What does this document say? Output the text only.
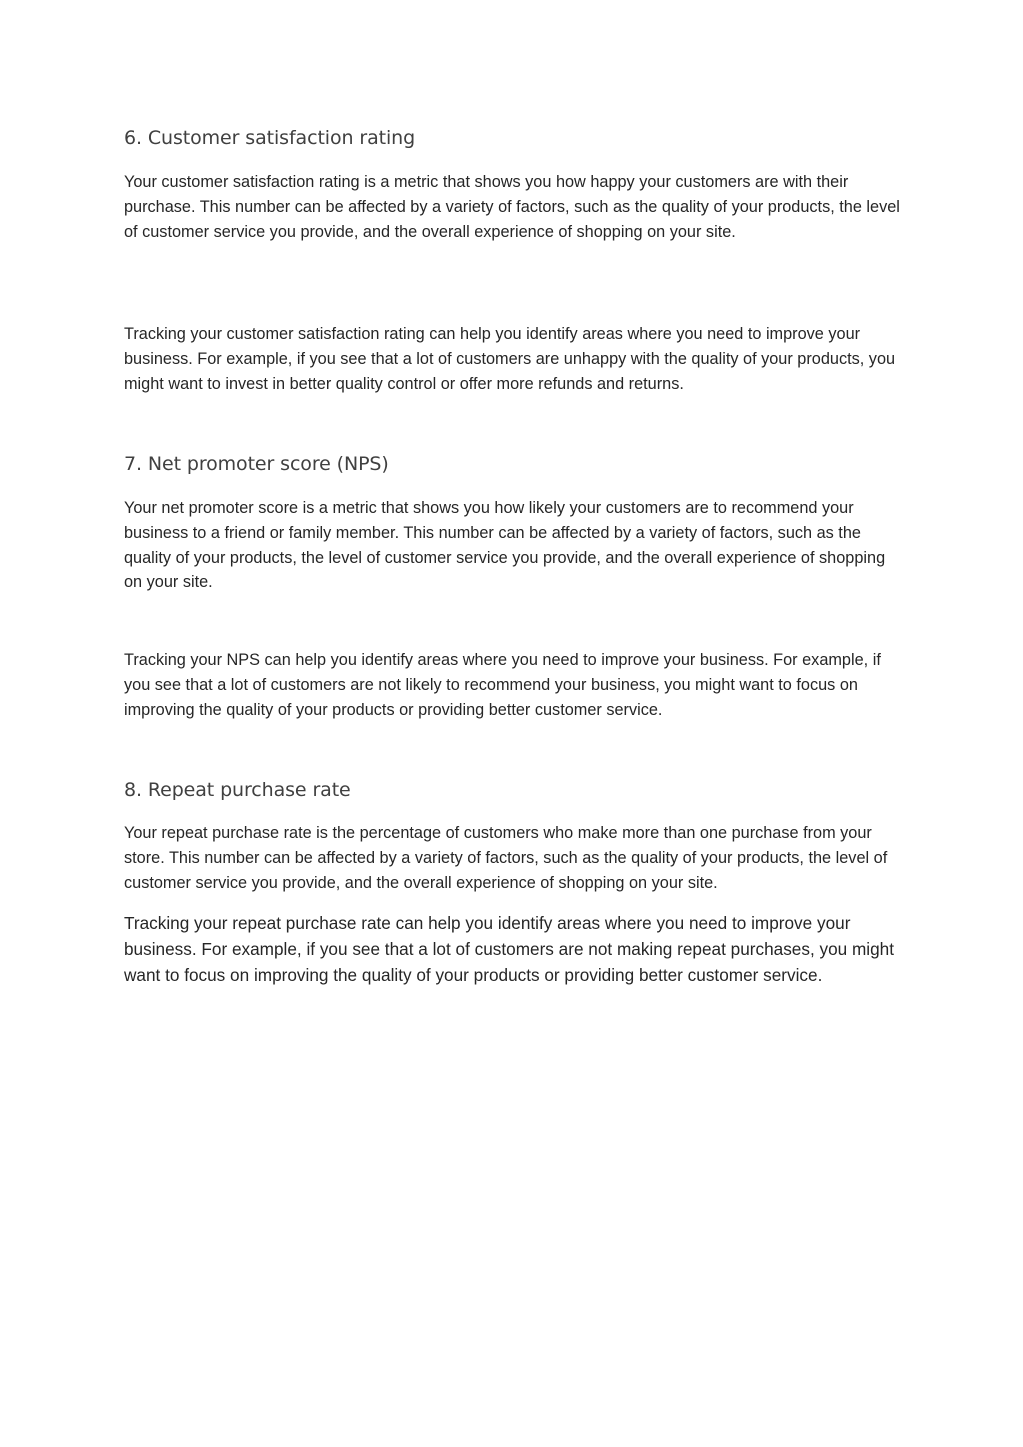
6. Customer satisfaction rating

Your customer satisfaction rating is a metric that shows you how happy your customers are with their purchase. This number can be affected by a variety of factors, such as the quality of your products, the level of customer service you provide, and the overall experience of shopping on your site.

Tracking your customer satisfaction rating can help you identify areas where you need to improve your business. For example, if you see that a lot of customers are unhappy with the quality of your products, you might want to invest in better quality control or offer more refunds and returns.

7. Net promoter score (NPS)

Your net promoter score is a metric that shows you how likely your customers are to recommend your business to a friend or family member. This number can be affected by a variety of factors, such as the quality of your products, the level of customer service you provide, and the overall experience of shopping on your site.

Tracking your NPS can help you identify areas where you need to improve your business. For example, if you see that a lot of customers are not likely to recommend your business, you might want to focus on improving the quality of your products or providing better customer service.

8. Repeat purchase rate

Your repeat purchase rate is the percentage of customers who make more than one purchase from your store. This number can be affected by a variety of factors, such as the quality of your products, the level of customer service you provide, and the overall experience of shopping on your site.

Tracking your repeat purchase rate can help you identify areas where you need to improve your business. For example, if you see that a lot of customers are not making repeat purchases, you might want to focus on improving the quality of your products or providing better customer service.
